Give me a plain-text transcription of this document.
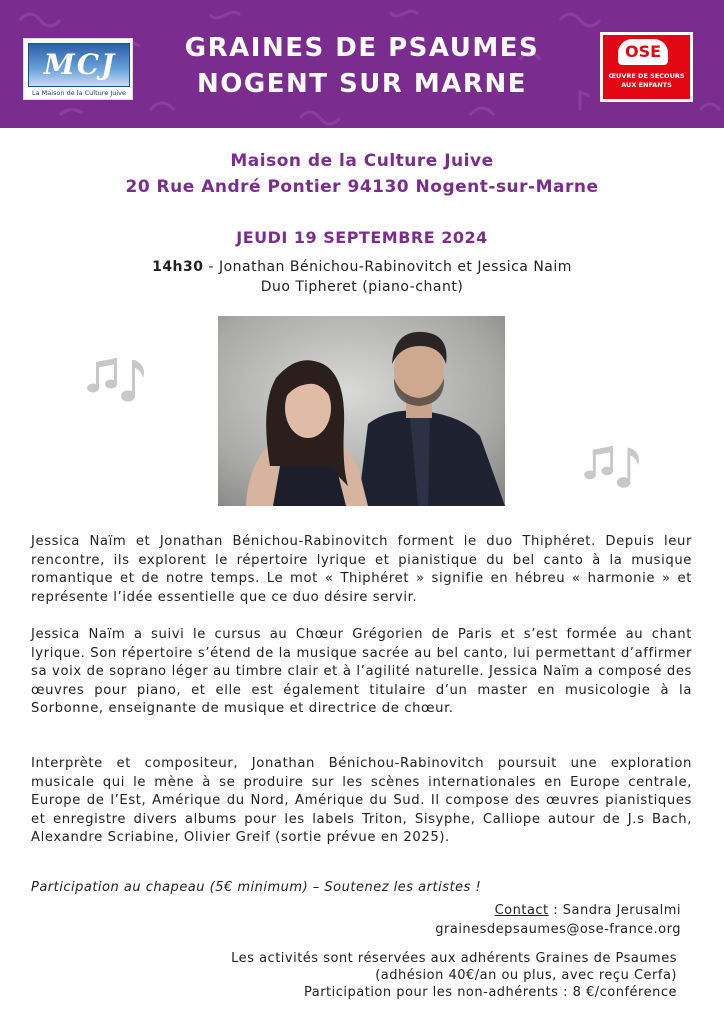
MCJ
La Maison de la Culture Juive
GRAINES DE PSAUMES
NOGENT SUR MARNE
OSE
ŒUVRE DE SECOURS
AUX ENFANTS
Maison de la Culture Juive
20 Rue André Pontier 94130 Nogent-sur-Marne
JEUDI 19 SEPTEMBRE 2024
14h30 - Jonathan Bénichou-Rabinovitch et Jessica Naim
Duo Tipheret (piano-chant)

Jessica Naïm et Jonathan Bénichou-Rabinovitch forment le duo Thiphéret. Depuis leur rencontre, ils explorent le répertoire lyrique et pianistique du bel canto à la musique romantique et de notre temps. Le mot « Thiphéret » signifie en hébreu « harmonie » et représente l’idée essentielle que ce duo désire servir.

Jessica Naïm a suivi le cursus au Chœur Grégorien de Paris et s’est formée au chant lyrique. Son répertoire s’étend de la musique sacrée au bel canto, lui permettant d’affirmer sa voix de soprano léger au timbre clair et à l’agilité naturelle. Jessica Naïm a composé des œuvres pour piano, et elle est également titulaire d’un master en musicologie à la Sorbonne, enseignante de musique et directrice de chœur.

Interprète et compositeur, Jonathan Bénichou-Rabinovitch poursuit une exploration musicale qui le mène à se produire sur les scènes internationales en Europe centrale, Europe de l’Est, Amérique du Nord, Amérique du Sud. Il compose des œuvres pianistiques et enregistre divers albums pour les labels Triton, Sisyphe, Calliope autour de J.s Bach, Alexandre Scriabine, Olivier Greif (sortie prévue en 2025).

Participation au chapeau (5€ minimum) – Soutenez les artistes !
Contact : Sandra Jerusalmi
grainesdepsaumes@ose-france.org
Les activités sont réservées aux adhérents Graines de Psaumes
(adhésion 40€/an ou plus, avec reçu Cerfa)
Participation pour les non-adhérents : 8 €/conférence
